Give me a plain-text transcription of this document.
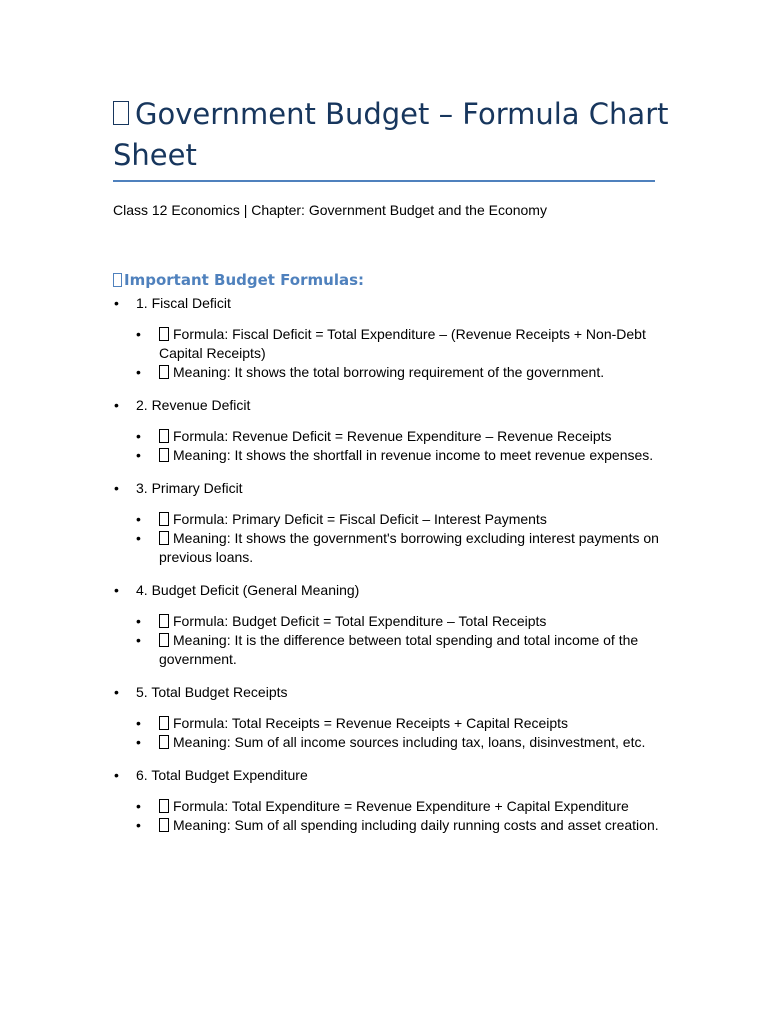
Government Budget – Formula Chart Sheet

Class 12 Economics | Chapter: Government Budget and the Economy

Important Budget Formulas:
• 1. Fiscal Deficit
•	Formula: Fiscal Deficit = Total Expenditure – (Revenue Receipts + Non-Debt Capital Receipts)
•	Meaning: It shows the total borrowing requirement of the government.
• 2. Revenue Deficit
•	Formula: Revenue Deficit = Revenue Expenditure – Revenue Receipts
•	Meaning: It shows the shortfall in revenue income to meet revenue expenses.
• 3. Primary Deficit
•	Formula: Primary Deficit = Fiscal Deficit – Interest Payments
•	Meaning: It shows the government's borrowing excluding interest payments on previous loans.
• 4. Budget Deficit (General Meaning)
•	Formula: Budget Deficit = Total Expenditure – Total Receipts
•	Meaning: It is the difference between total spending and total income of the government.
• 5. Total Budget Receipts
•	Formula: Total Receipts = Revenue Receipts + Capital Receipts
•	Meaning: Sum of all income sources including tax, loans, disinvestment, etc.
• 6. Total Budget Expenditure
•	Formula: Total Expenditure = Revenue Expenditure + Capital Expenditure
•	Meaning: Sum of all spending including daily running costs and asset creation.
